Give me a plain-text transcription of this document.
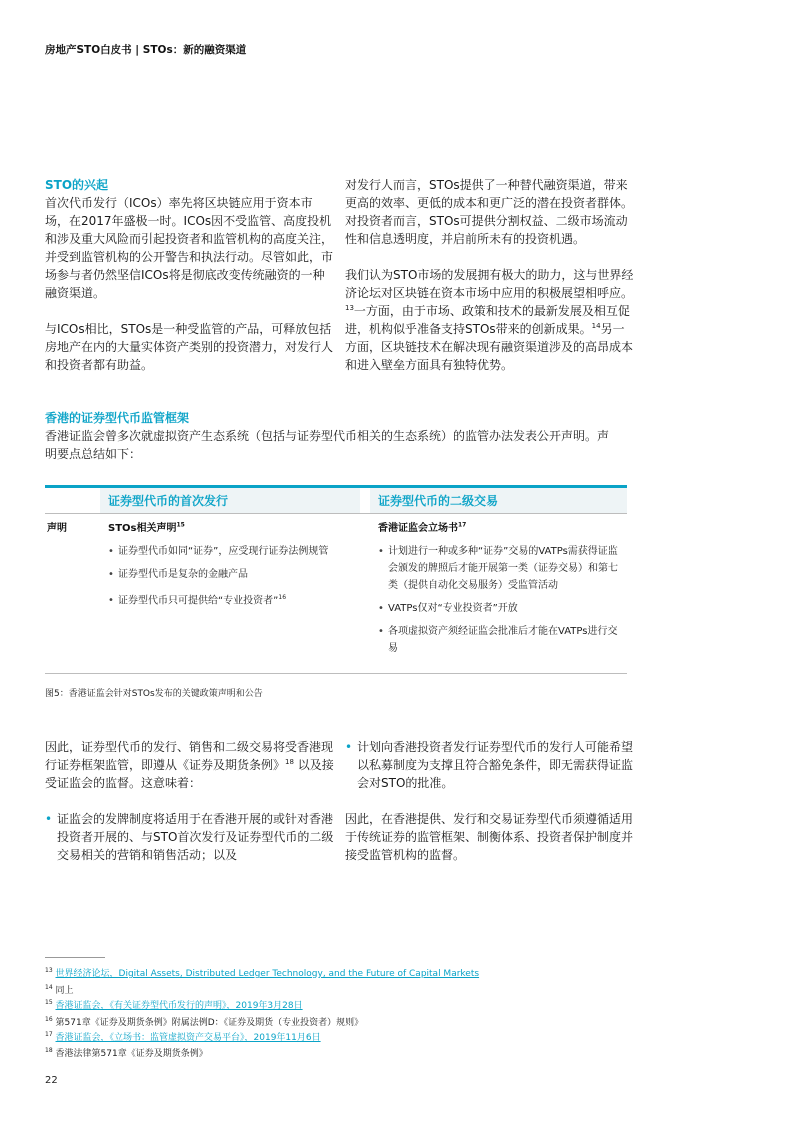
房地产STO白皮书 | STOs：新的融资渠道
STO的兴起

首次代币发行（ICOs）率先将区块链应用于资本市场，在2017年盛极一时。ICOs因不受监管、高度投机和涉及重大风险而引起投资者和监管机构的高度关注，并受到监管机构的公开警告和执法行动。尽管如此，市场参与者仍然坚信ICOs将是彻底改变传统融资的一种融资渠道。

与ICOs相比，STOs是一种受监管的产品，可释放包括房地产在内的大量实体资产类别的投资潜力，对发行人和投资者都有助益。

对发行人而言，STOs提供了一种替代融资渠道，带来更高的效率、更低的成本和更广泛的潜在投资者群体。对投资者而言，STOs可提供分割权益、二级市场流动性和信息透明度，并启前所未有的投资机遇。

我们认为STO市场的发展拥有极大的助力，这与世界经济论坛对区块链在资本市场中应用的积极展望相呼应。$^{13}$一方面，由于市场、政策和技术的最新发展及相互促进，机构似乎准备支持STOs带来的创新成果。$^{14}$另一方面，区块链技术在解决现有融资渠道涉及的高昂成本和进入壁垒方面具有独特优势。

香港的证券型代币监管框架

香港证监会曾多次就虚拟资产生态系统（包括与证券型代币相关的生态系统）的监管办法发表公开声明。声明要点总结如下：

证券型代币的首次发行	证券型代币的二级交易
声明	STOs相关声明$^{15}$

• 证券型代币如同“证券”，应受现行证券法例规管

• 证券型代币是复杂的金融产品

• 证券型代币只可提供给“专业投资者”$^{16}$

香港证监会立场书$^{17}$

• 计划进行一种或多种“证券”交易的VATPs需获得证监会颁发的牌照后才能开展第一类（证券交易）和第七类（提供自动化交易服务）受监管活动

• VATPs仅对“专业投资者”开放

• 各项虚拟资产须经证监会批准后才能在VATPs进行交易

图5：香港证监会针对STOs发布的关键政策声明和公告

因此，证券型代币的发行、销售和二级交易将受香港现行证券框架监管，即遵从《证券及期货条例》$^{18}$ 以及接受证监会的监督。这意味着：

• 证监会的发牌制度将适用于在香港开展的或针对香港投资者开展的、与STO首次发行及证券型代币的二级交易相关的营销和销售活动；以及

• 计划向香港投资者发行证券型代币的发行人可能希望以私募制度为支撑且符合豁免条件，即无需获得证监会对STO的批准。

因此，在香港提供、发行和交易证券型代币须遵循适用于传统证券的监管框架、制衡体系、投资者保护制度并接受监管机构的监督。

$^{13}$ 世界经济论坛，Digital Assets, Distributed Ledger Technology, and the Future of Capital Markets
$^{14}$ 同上
$^{15}$ 香港证监会，《有关证券型代币发行的声明》，2019年3月28日
$^{16}$ 第571章《证券及期货条例》附属法例D：《证券及期货（专业投资者）规则》
$^{17}$ 香港证监会，《立场书：监管虚拟资产交易平台》，2019年11月6日
$^{18}$ 香港法律第571章《证券及期货条例》
22
